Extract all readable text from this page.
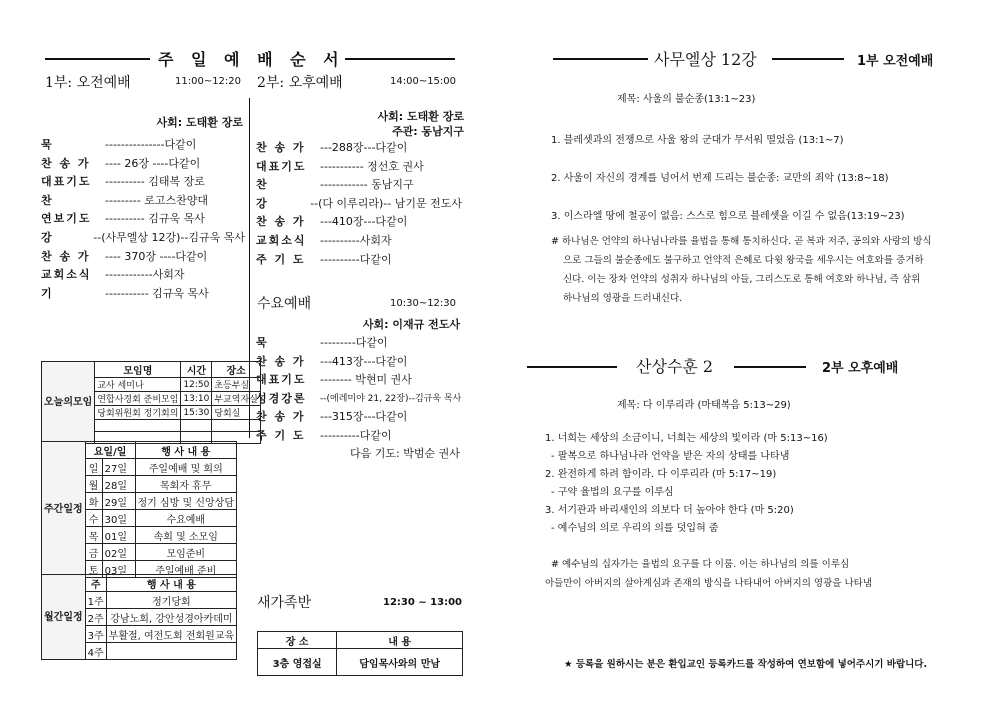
주 일 예 배 순 서
1부: 오전예배	11:00~12:20
사회: 도태환 장로
묵	---------------다같이
찬 송 가	---- 26장 ----다같이
대표기도	---------- 김태복 장로
찬	--------- 로고스찬양대
연보기도	---------- 김규욱 목사
강	--(사무엘상 12강)--김규욱 목사
찬 송 가	---- 370장 ----다같이
교회소식	------------사회자
기	----------- 김규욱 목사
2부: 오후예배	14:00~15:00
사회: 도태환 장로
주관: 동남지구
찬 송 가	---288장---다같이
대표기도	----------- 정선호 권사
찬	------------ 동남지구
강	--(다 이루리라)-- 남기문 전도사
찬 송 가	---410장---다같이
교회소식	----------사회자
주 기 도	----------다같이
수요예배	10:30~12:30
사회: 이재규 전도사
묵	---------다같이
찬 송 가	---413장---다같이
대표기도	-------- 박현미 권사
성경강론	--(에레미야 21, 22장)--김규욱 목사
찬 송 가	---315장---다같이
주 기 도	----------다같이
다음 기도: 박범순 권사
오늘의모임	모임명	시간	장소
	교사 세미나	12:50	초등부실
	연합사경회 준비모임	13:10	부교역자실
	당회위원회 정기회의	15:30	당회실

주간일정	요일/일		행 사 내 용
	일	27일	주일예배 및 회의
	월	28일	목회자 휴무
	화	29일	정기 심방 및 신앙상담
	수	30일	수요예배
	목	01일	속회 및 소모임
	금	02일	모임준비
	토	03일	주일예배 준비
월간일정	주	행 사 내 용
	1주	정기당회
	2주	강남노회, 강안성경아카데미
	3주	부활절, 여전도회 전회원교육
	4주	
새가족반	12:30 ~ 13:00
장 소	내 용
3층 영접실	담임목사와의 만남
사무엘상 12강	1부 오전예배
제목: 사울의 불순종(13:1~23)
1. 블레셋과의 전쟁으로 사울 왕의 군대가 무서워 떨었음 (13:1~7)
2. 사울이 자신의 경계를 넘어서 번제 드리는 불순종: 교만의 죄악 (13:8~18)
3. 이스라엘 땅에 철공이 없음: 스스로 힘으로 블레셋을 이길 수 없음(13:19~23)
# 하나님은 언약의 하나님나라를 율법을 통해 통치하신다. 곧 복과 저주, 공의와 사랑의 방식
으로 그들의 불순종에도 불구하고 언약적 은혜로 다윗 왕국을 세우시는 여호와를 증거하
신다. 이는 장차 언약의 성취자 하나님의 아들, 그리스도로 통해 여호와 하나님, 즉 삼위
하나님의 영광을 드러내신다.
산상수훈 2	2부 오후예배
제목: 다 이루리라 (마태복음 5:13~29)
1. 너희는 세상의 소금이니, 너희는 세상의 빛이라 (마 5:13~16)
- 팔복으로 하나님나라 언약을 받은 자의 상태를 나타냄
2. 완전하게 하려 함이라. 다 이루리라 (마 5:17~19)
- 구약 율법의 요구를 이루심
3. 서기관과 바리새인의 의보다 더 높아야 한다 (마 5:20)
- 예수님의 의로 우리의 의를 덧입혀 줌
# 예수님의 십자가는 율법의 요구를 다 이룸. 이는 하나님의 의를 이루심
아들만이 아버지의 살아계심과 존재의 방식을 나타내어 아버지의 영광을 나타냄
★ 등록을 원하시는 분은 환입교인 등록카드를 작성하여 연보함에 넣어주시기 바랍니다.
